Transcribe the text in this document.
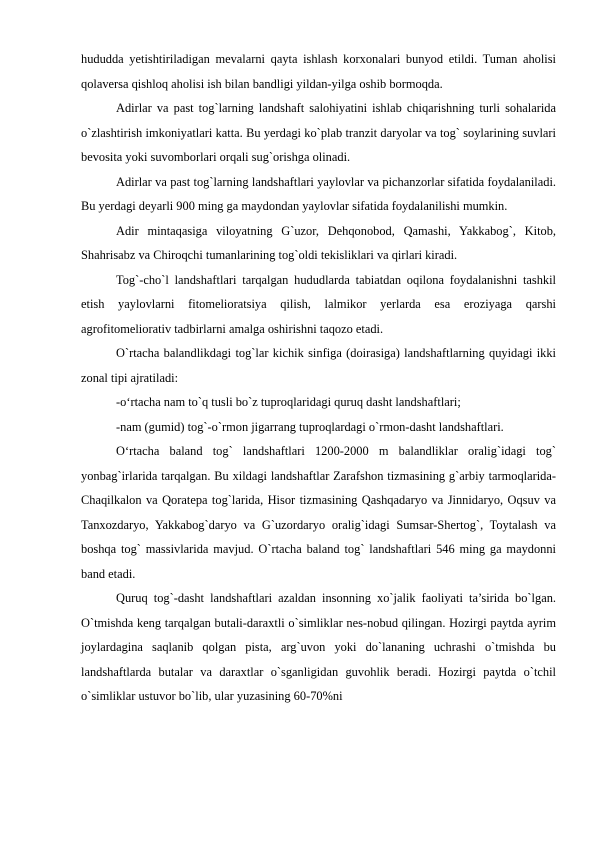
hududda yetishtiriladigan mevalarni qayta ishlash korxonalari bunyod etildi. Tuman aholisi qolaversa qishloq aholisi ish bilan bandligi yildan-yilga oshib bormoqda.

Adirlar va past tog`larning landshaft salohiyatini ishlab chiqarishning turli sohalarida o`zlashtirish imkoniyatlari katta. Bu yerdagi ko`plab tranzit daryolar va tog` soylarining suvlari bevosita yoki suvomborlari orqali sug`orishga olinadi.

Adirlar va past tog`larning landshaftlari yaylovlar va pichanzorlar sifatida foydalaniladi. Bu yerdagi deyarli 900 ming ga maydondan yaylovlar sifatida foydalanilishi mumkin.

Adir mintaqasiga viloyatning G`uzor, Dehqonobod, Qamashi, Yakkabog`, Kitob, Shahrisabz va Chiroqchi tumanlarining tog`oldi tekisliklari va qirlari kiradi.

Tog`-cho`l landshaftlari tarqalgan hududlarda tabiatdan oqilona foydalanishni tashkil etish yaylovlarni fitomelioratsiya qilish, lalmikor yerlarda esa eroziyaga qarshi agrofitomeliorativ tadbirlarni amalga oshirishni taqozo etadi.

O`rtacha balandlikdagi tog`lar kichik sinfiga (doirasiga) landshaftlarning quyidagi ikki zonal tipi ajratiladi:

-o‘rtacha nam to`q tusli bo`z tuproqlaridagi quruq dasht landshaftlari;

-nam (gumid) tog`-o`rmon jigarrang tuproqlardagi o`rmon-dasht landshaftlari.

O‘rtacha baland tog` landshaftlari 1200-2000 m balandliklar oralig`idagi tog` yonbag`irlarida tarqalgan. Bu xildagi landshaftlar Zarafshon tizmasining g`arbiy tarmoqlarida-Chaqilkalon va Qoratepa tog`larida, Hisor tizmasining Qashqadaryo va Jinnidaryo, Oqsuv va Tanxozdaryo, Yakkabog`daryo va G`uzordaryo oralig`idagi Sumsar-Shertog`, Toytalash va boshqa tog` massivlarida mavjud. O`rtacha baland tog` landshaftlari 546 ming ga maydonni band etadi.

Quruq tog`-dasht landshaftlari azaldan insonning xo`jalik faoliyati ta’sirida bo`lgan. O`tmishda keng tarqalgan butali-daraxtli o`simliklar nes-nobud qilingan. Hozirgi paytda ayrim joylardagina saqlanib qolgan pista, arg`uvon yoki do`lananing uchrashi o`tmishda bu landshaftlarda butalar va daraxtlar o`sganligidan guvohlik beradi. Hozirgi paytda o`tchil o`simliklar ustuvor bo`lib, ular yuzasining 60-70%ni
